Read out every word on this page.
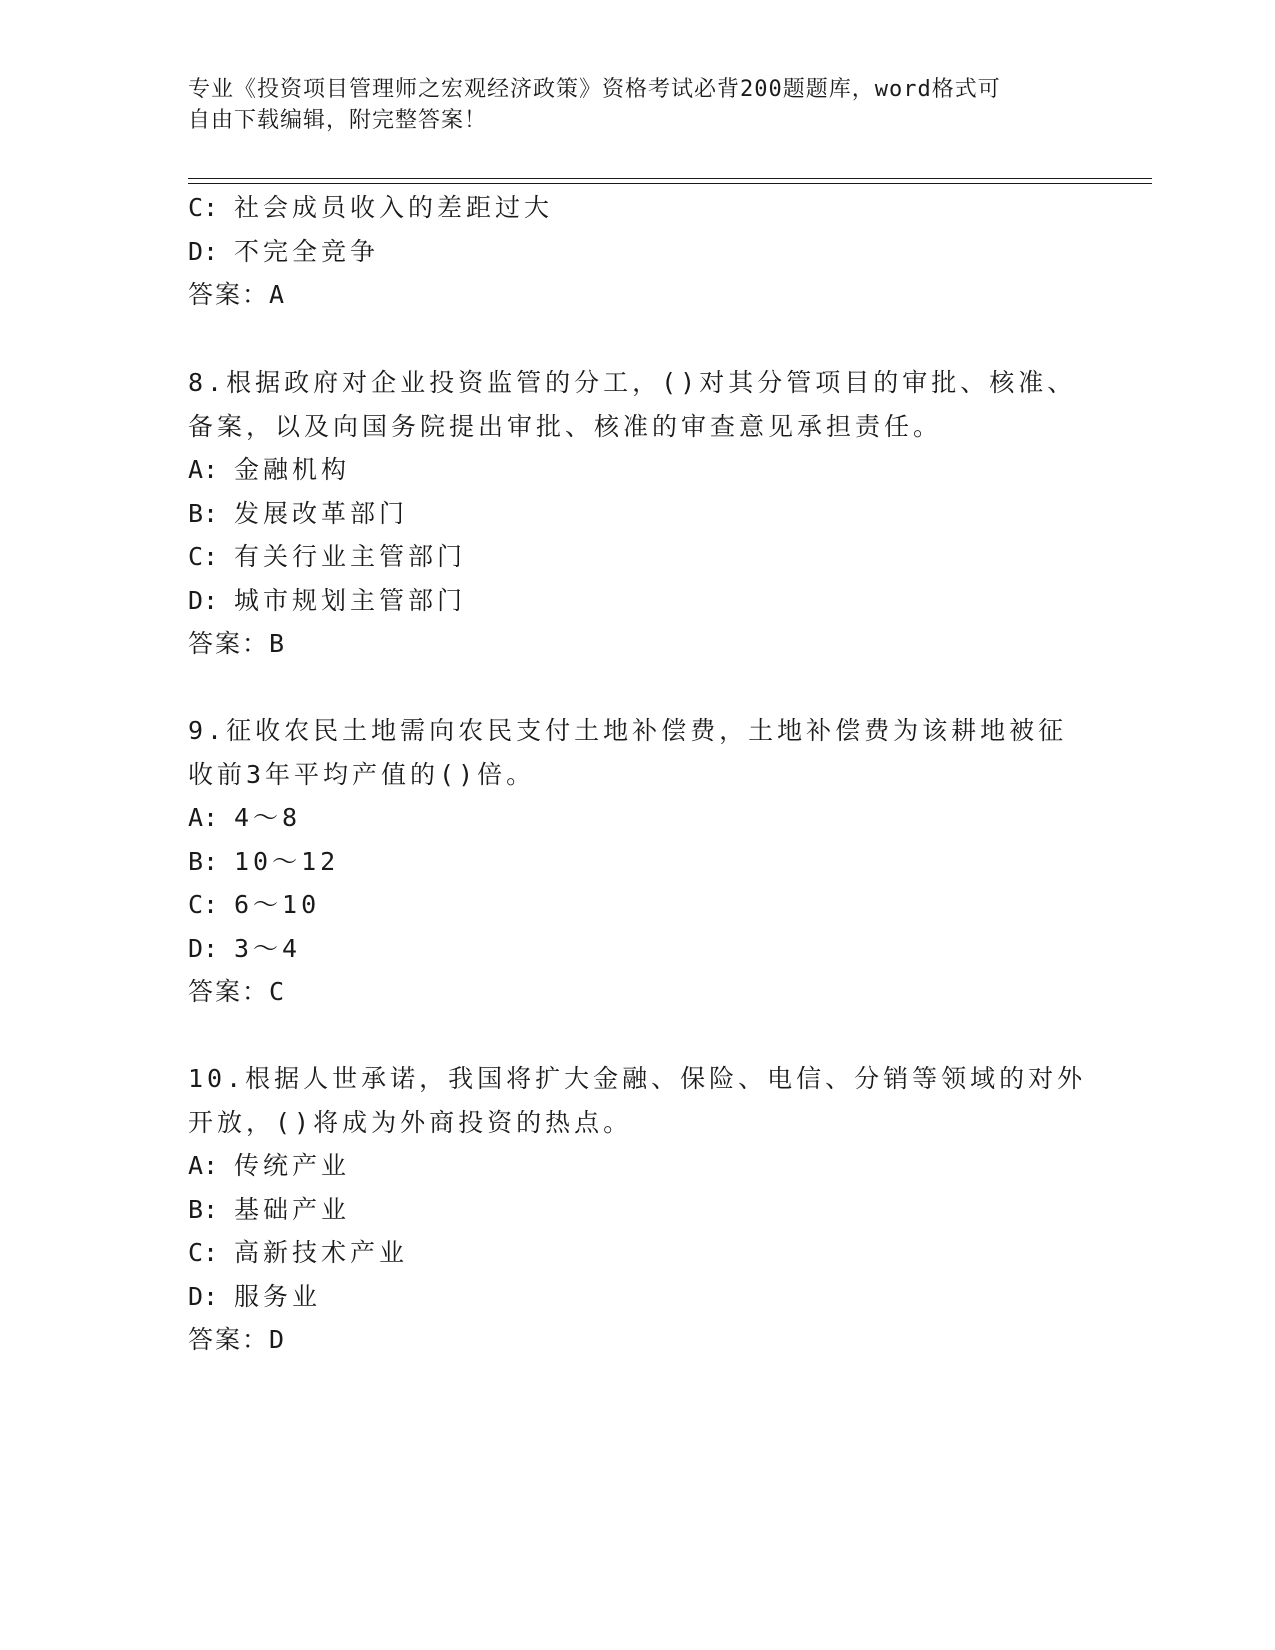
专业《投资项目管理师之宏观经济政策》资格考试必背200题题库，word格式可
自由下载编辑，附完整答案！
C: 社会成员收入的差距过大
D: 不完全竞争
答案：A
8.根据政府对企业投资监管的分工，()对其分管项目的审批、核准、
备案，以及向国务院提出审批、核准的审查意见承担责任。
A: 金融机构
B: 发展改革部门
C: 有关行业主管部门
D: 城市规划主管部门
答案：B
9.征收农民土地需向农民支付土地补偿费，土地补偿费为该耕地被征
收前3年平均产值的()倍。
A: 4～8
B: 10～12
C: 6～10
D: 3～4
答案：C
10.根据人世承诺，我国将扩大金融、保险、电信、分销等领域的对外
开放，()将成为外商投资的热点。
A: 传统产业
B: 基础产业
C: 高新技术产业
D: 服务业
答案：D
